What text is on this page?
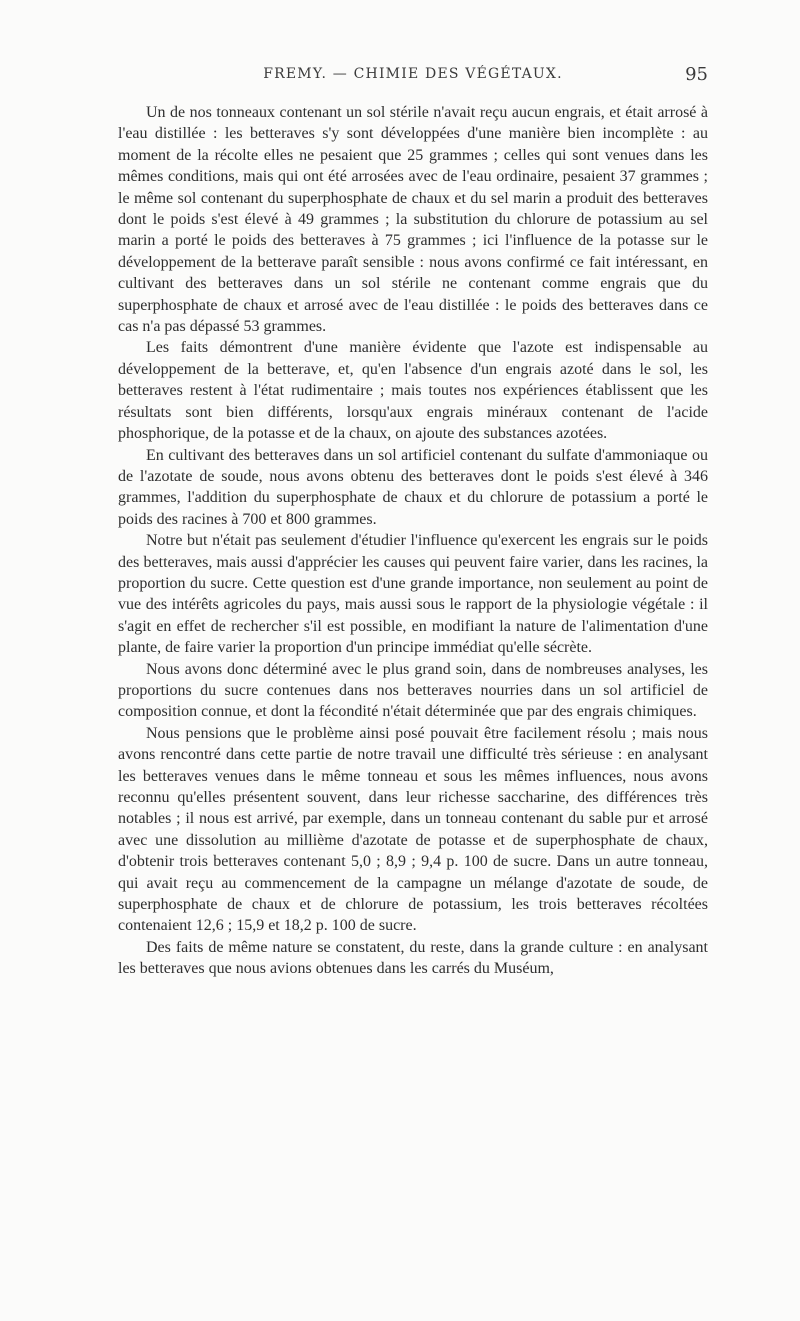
FREMY. — CHIMIE DES VÉGÉTAUX.	95

Un de nos tonneaux contenant un sol stérile n'avait reçu aucun engrais, et était arrosé à l'eau distillée : les betteraves s'y sont développées d'une manière bien incomplète : au moment de la récolte elles ne pesaient que 25 grammes ; celles qui sont venues dans les mêmes conditions, mais qui ont été arrosées avec de l'eau ordinaire, pesaient 37 grammes ; le même sol contenant du superphosphate de chaux et du sel marin a produit des betteraves dont le poids s'est élevé à 49 grammes ; la substitution du chlorure de potassium au sel marin a porté le poids des betteraves à 75 grammes ; ici l'influence de la potasse sur le développement de la betterave paraît sensible : nous avons confirmé ce fait intéressant, en cultivant des betteraves dans un sol stérile ne contenant comme engrais que du superphosphate de chaux et arrosé avec de l'eau distillée : le poids des betteraves dans ce cas n'a pas dépassé 53 grammes.

Les faits démontrent d'une manière évidente que l'azote est indispensable au développement de la betterave, et, qu'en l'absence d'un engrais azoté dans le sol, les betteraves restent à l'état rudimentaire ; mais toutes nos expériences établissent que les résultats sont bien différents, lorsqu'aux engrais minéraux contenant de l'acide phosphorique, de la potasse et de la chaux, on ajoute des substances azotées.

En cultivant des betteraves dans un sol artificiel contenant du sulfate d'ammoniaque ou de l'azotate de soude, nous avons obtenu des betteraves dont le poids s'est élevé à 346 grammes, l'addition du superphosphate de chaux et du chlorure de potassium a porté le poids des racines à 700 et 800 grammes.

Notre but n'était pas seulement d'étudier l'influence qu'exercent les engrais sur le poids des betteraves, mais aussi d'apprécier les causes qui peuvent faire varier, dans les racines, la proportion du sucre. Cette question est d'une grande importance, non seulement au point de vue des intérêts agricoles du pays, mais aussi sous le rapport de la physiologie végétale : il s'agit en effet de rechercher s'il est possible, en modifiant la nature de l'alimentation d'une plante, de faire varier la proportion d'un principe immédiat qu'elle sécrète.

Nous avons donc déterminé avec le plus grand soin, dans de nombreuses analyses, les proportions du sucre contenues dans nos betteraves nourries dans un sol artificiel de composition connue, et dont la fécondité n'était déterminée que par des engrais chimiques.

Nous pensions que le problème ainsi posé pouvait être facilement résolu ; mais nous avons rencontré dans cette partie de notre travail une difficulté très sérieuse : en analysant les betteraves venues dans le même tonneau et sous les mêmes influences, nous avons reconnu qu'elles présentent souvent, dans leur richesse saccharine, des différences très notables ; il nous est arrivé, par exemple, dans un tonneau contenant du sable pur et arrosé avec une dissolution au millième d'azotate de potasse et de superphosphate de chaux, d'obtenir trois betteraves contenant 5,0 ; 8,9 ; 9,4 p. 100 de sucre. Dans un autre tonneau, qui avait reçu au commencement de la campagne un mélange d'azotate de soude, de superphosphate de chaux et de chlorure de potassium, les trois betteraves récoltées contenaient 12,6 ; 15,9 et 18,2 p. 100 de sucre.

Des faits de même nature se constatent, du reste, dans la grande culture : en analysant les betteraves que nous avions obtenues dans les carrés du Muséum,
